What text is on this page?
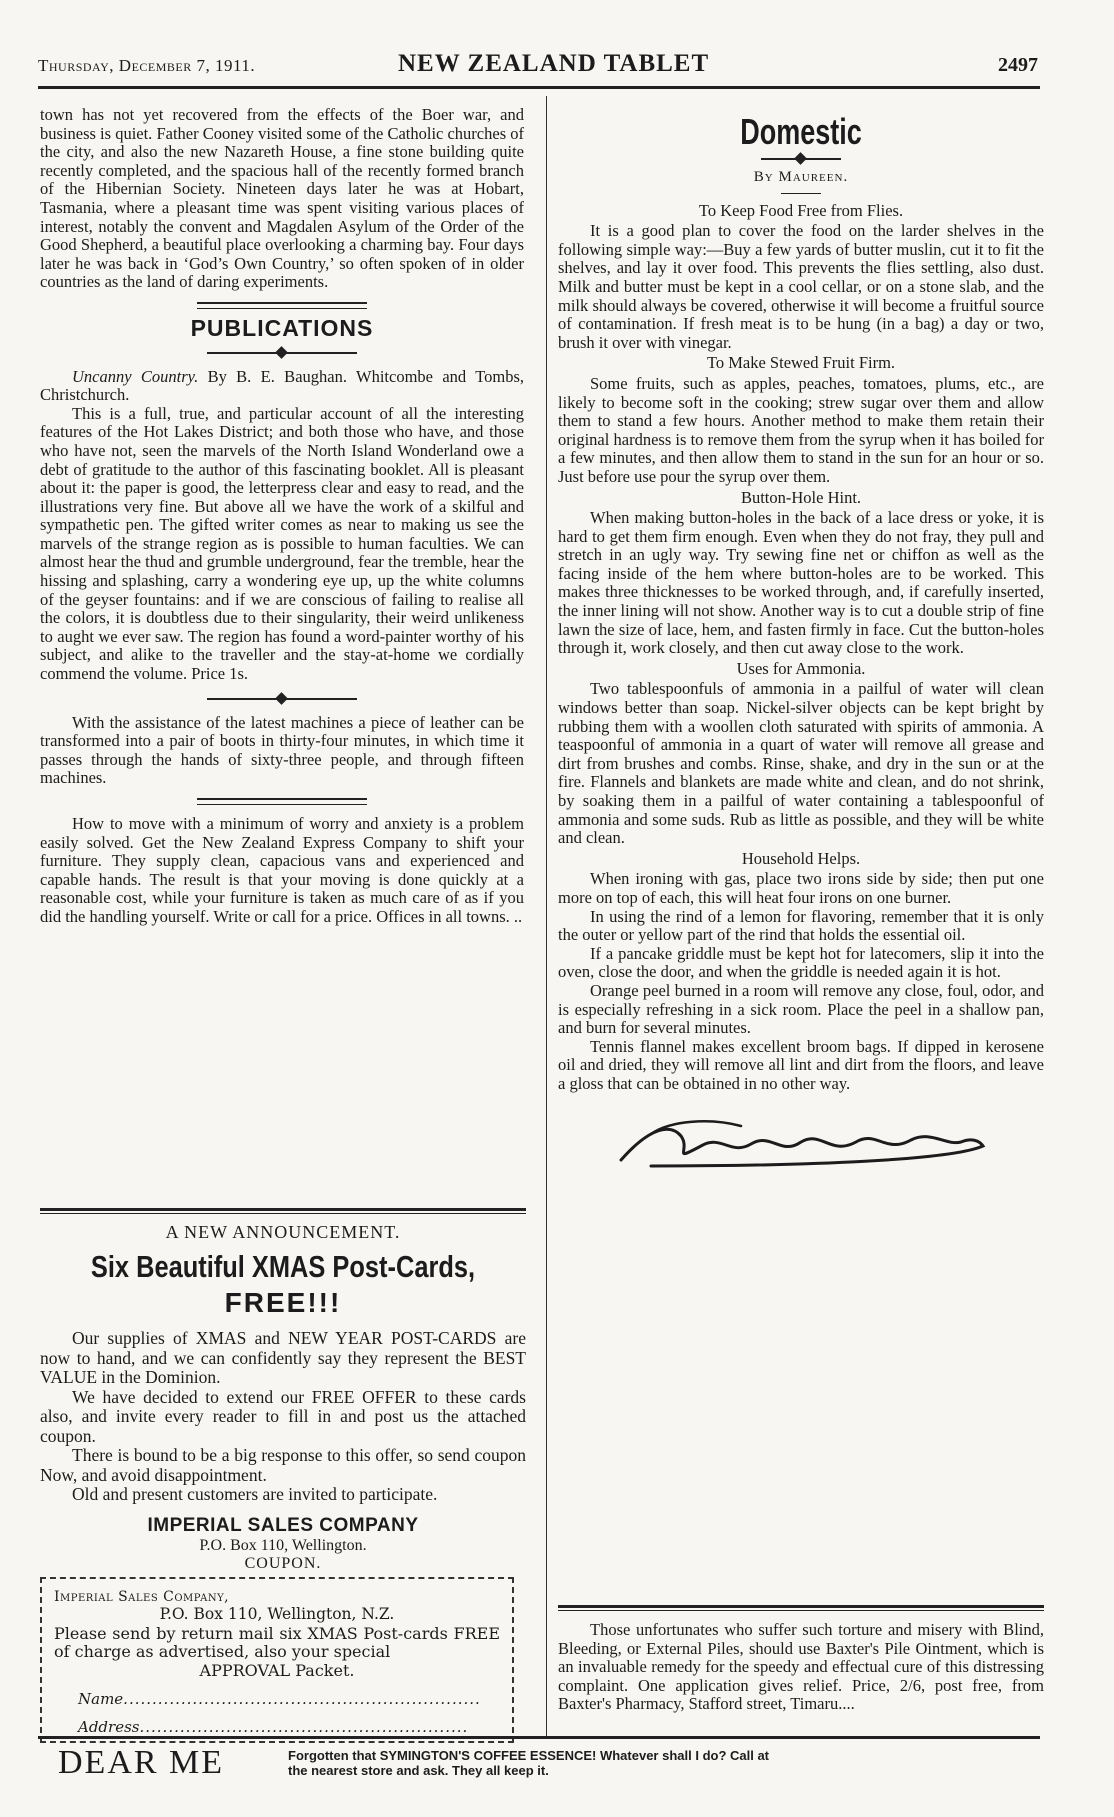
Thursday, December 7, 1911.	NEW ZEALAND TABLET	2497

town has not yet recovered from the effects of the Boer war, and business is quiet. Father Cooney visited some of the Catholic churches of the city, and also the new Nazareth House, a fine stone building quite recently completed, and the spacious hall of the recently formed branch of the Hibernian Society. Nineteen days later he was at Hobart, Tasmania, where a pleasant time was spent visiting various places of interest, notably the convent and Magdalen Asylum of the Order of the Good Shepherd, a beautiful place overlooking a charming bay. Four days later he was back in ‘God’s Own Country,’ so often spoken of in older countries as the land of daring experiments.

PUBLICATIONS

Uncanny Country. By B. E. Baughan. Whitcombe and Tombs, Christchurch.

This is a full, true, and particular account of all the interesting features of the Hot Lakes District; and both those who have, and those who have not, seen the marvels of the North Island Wonderland owe a debt of gratitude to the author of this fascinating booklet. All is pleasant about it: the paper is good, the letterpress clear and easy to read, and the illustrations very fine. But above all we have the work of a skilful and sympathetic pen. The gifted writer comes as near to making us see the marvels of the strange region as is possible to human faculties. We can almost hear the thud and grumble underground, fear the tremble, hear the hissing and splashing, carry a wondering eye up, up the white columns of the geyser fountains: and if we are conscious of failing to realise all the colors, it is doubtless due to their singularity, their weird unlikeness to aught we ever saw. The region has found a word-painter worthy of his subject, and alike to the traveller and the stay-at-home we cordially commend the volume. Price 1s.

With the assistance of the latest machines a piece of leather can be transformed into a pair of boots in thirty-four minutes, in which time it passes through the hands of sixty-three people, and through fifteen machines.

How to move with a minimum of worry and anxiety is a problem easily solved. Get the New Zealand Express Company to shift your furniture. They supply clean, capacious vans and experienced and capable hands. The result is that your moving is done quickly at a reasonable cost, while your furniture is taken as much care of as if you did the handling yourself. Write or call for a price. Offices in all towns. ..

A NEW ANNOUNCEMENT.
Six Beautiful XMAS Post-Cards,
FREE!!!

Our supplies of XMAS and NEW YEAR POST-CARDS are now to hand, and we can confidently say they represent the BEST VALUE in the Dominion.

We have decided to extend our FREE OFFER to these cards also, and invite every reader to fill in and post us the attached coupon.

There is bound to be a big response to this offer, so send coupon Now, and avoid disappointment.

Old and present customers are invited to participate.

IMPERIAL SALES COMPANY
P.O. Box 110, Wellington.
COUPON.
Imperial Sales Company,
P.O. Box 110, Wellington, N.Z.
Please send by return mail six XMAS Post-cards FREE of charge as advertised, also your special
APPROVAL Packet.
Name..............................................................
Address.........................................................
Domestic
By Maureen.
To Keep Food Free from Flies.

It is a good plan to cover the food on the larder shelves in the following simple way:—Buy a few yards of butter muslin, cut it to fit the shelves, and lay it over food. This prevents the flies settling, also dust. Milk and butter must be kept in a cool cellar, or on a stone slab, and the milk should always be covered, otherwise it will become a fruitful source of contamination. If fresh meat is to be hung (in a bag) a day or two, brush it over with vinegar.

To Make Stewed Fruit Firm.

Some fruits, such as apples, peaches, tomatoes, plums, etc., are likely to become soft in the cooking; strew sugar over them and allow them to stand a few hours. Another method to make them retain their original hardness is to remove them from the syrup when it has boiled for a few minutes, and then allow them to stand in the sun for an hour or so. Just before use pour the syrup over them.

Button-Hole Hint.

When making button-holes in the back of a lace dress or yoke, it is hard to get them firm enough. Even when they do not fray, they pull and stretch in an ugly way. Try sewing fine net or chiffon as well as the facing inside of the hem where button-holes are to be worked. This makes three thicknesses to be worked through, and, if carefully inserted, the inner lining will not show. Another way is to cut a double strip of fine lawn the size of lace, hem, and fasten firmly in face. Cut the button-holes through it, work closely, and then cut away close to the work.

Uses for Ammonia.

Two tablespoonfuls of ammonia in a pailful of water will clean windows better than soap. Nickel-silver objects can be kept bright by rubbing them with a woollen cloth saturated with spirits of ammonia. A teaspoonful of ammonia in a quart of water will remove all grease and dirt from brushes and combs. Rinse, shake, and dry in the sun or at the fire. Flannels and blankets are made white and clean, and do not shrink, by soaking them in a pailful of water containing a tablespoonful of ammonia and some suds. Rub as little as possible, and they will be white and clean.

Household Helps.

When ironing with gas, place two irons side by side; then put one more on top of each, this will heat four irons on one burner.

In using the rind of a lemon for flavoring, remember that it is only the outer or yellow part of the rind that holds the essential oil.

If a pancake griddle must be kept hot for latecomers, slip it into the oven, close the door, and when the griddle is needed again it is hot.

Orange peel burned in a room will remove any close, foul, odor, and is especially refreshing in a sick room. Place the peel in a shallow pan, and burn for several minutes.

Tennis flannel makes excellent broom bags. If dipped in kerosene oil and dried, they will remove all lint and dirt from the floors, and leave a gloss that can be obtained in no other way.

Those unfortunates who suffer such torture and misery with Blind, Bleeding, or External Piles, should use Baxter's Pile Ointment, which is an invaluable remedy for the speedy and effectual cure of this distressing complaint. One application gives relief. Price, 2/6, post free, from Baxter's Pharmacy, Stafford street, Timaru....

DEAR ME	Forgotten that SYMINGTON'S COFFEE ESSENCE! Whatever shall I do? Call at
the nearest store and ask. They all keep it.
